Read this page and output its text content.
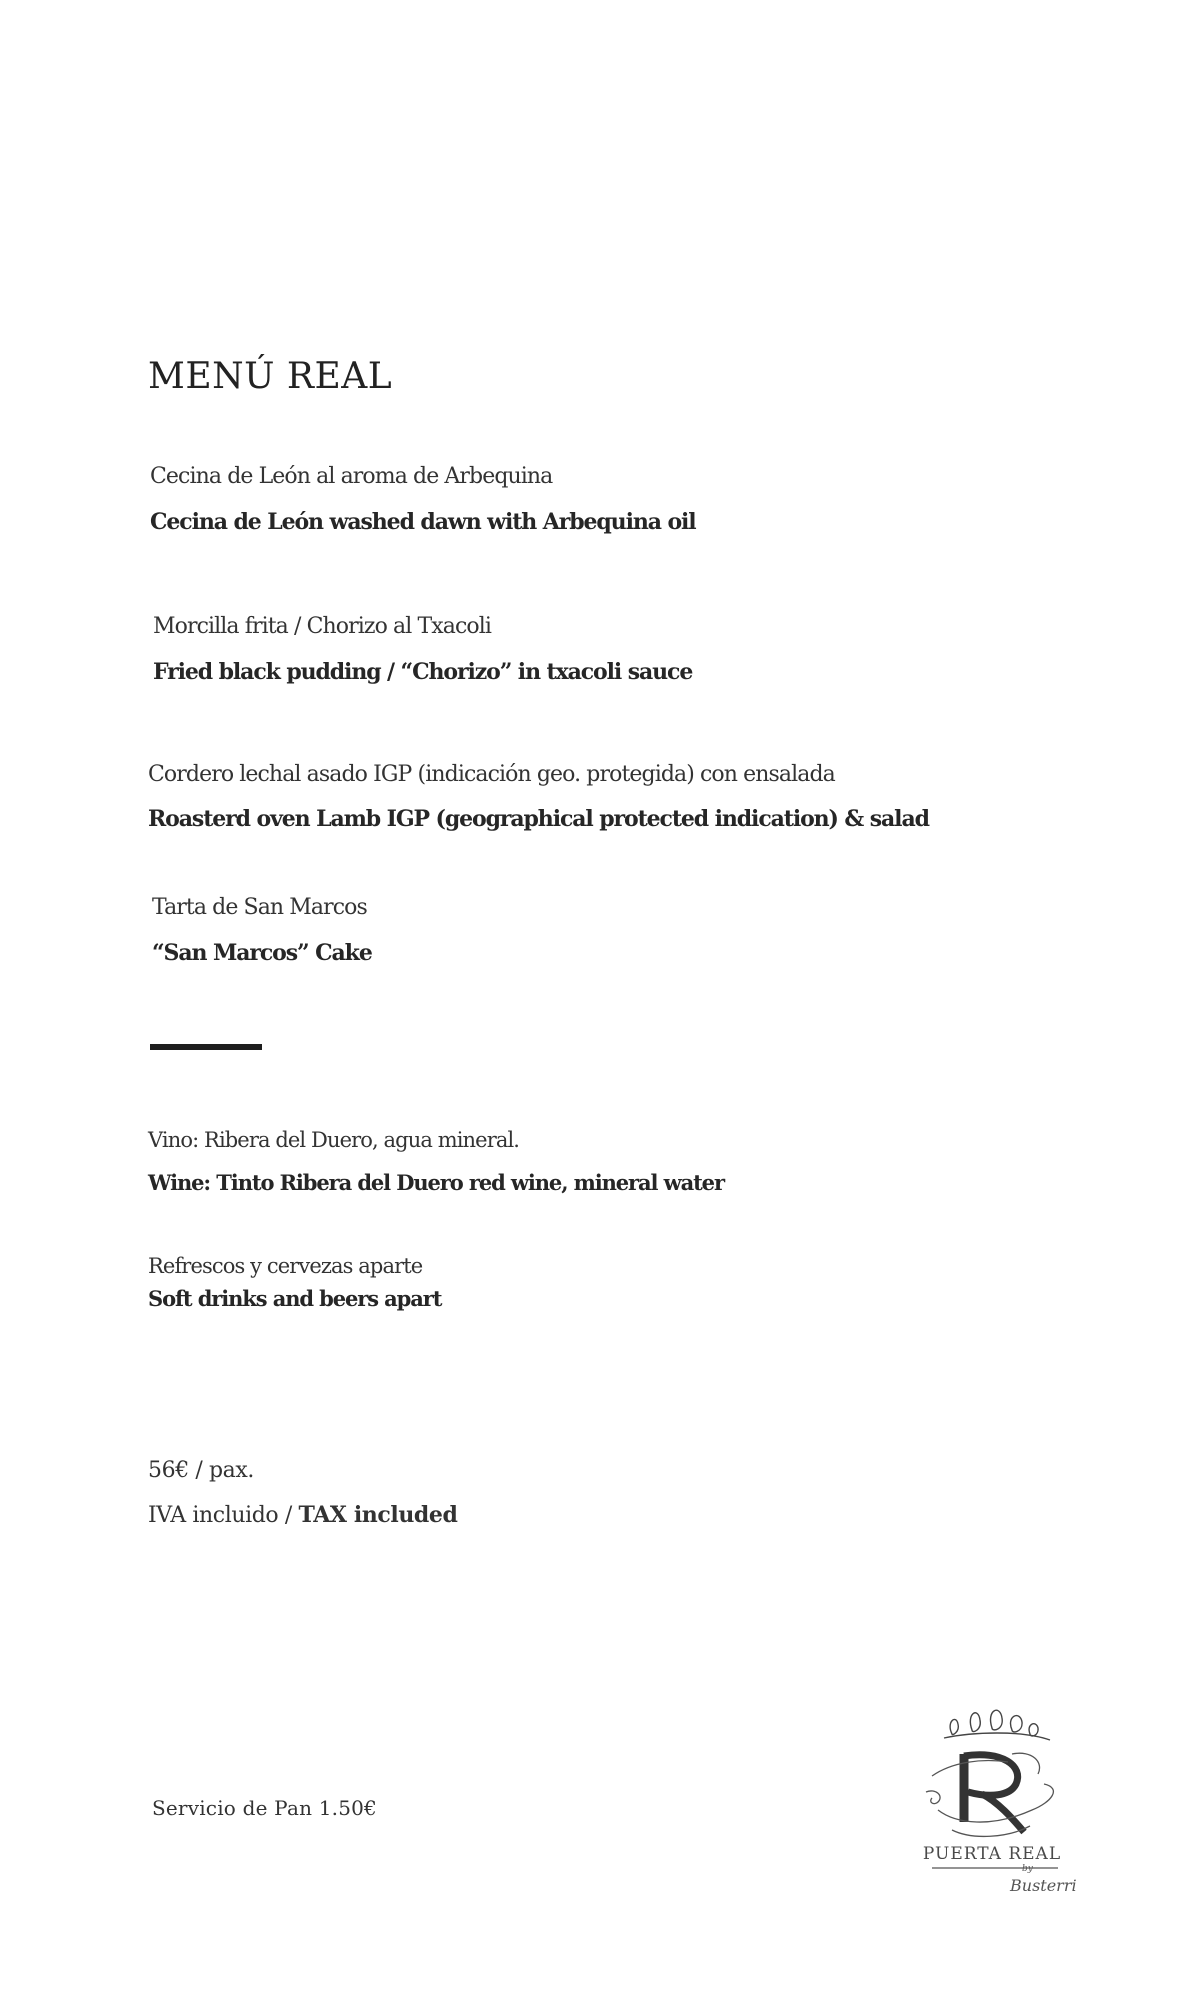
MENÚ REAL
Cecina de León al aroma de Arbequina
Cecina de León washed dawn with Arbequina oil
Morcilla frita / Chorizo al Txacoli
Fried black pudding / “Chorizo” in txacoli sauce
Cordero lechal asado IGP (indicación geo. protegida) con ensalada
Roasterd oven Lamb IGP (geographical protected indication) & salad
Tarta de San Marcos
“San Marcos” Cake
Vino: Ribera del Duero, agua mineral.
Wine: Tinto Ribera del Duero red wine, mineral water
Refrescos y cervezas aparte
Soft drinks and beers apart
56€ / pax.
IVA incluido / TAX included
Servicio de Pan 1.50€
PUERTA REAL
by
Busterri
